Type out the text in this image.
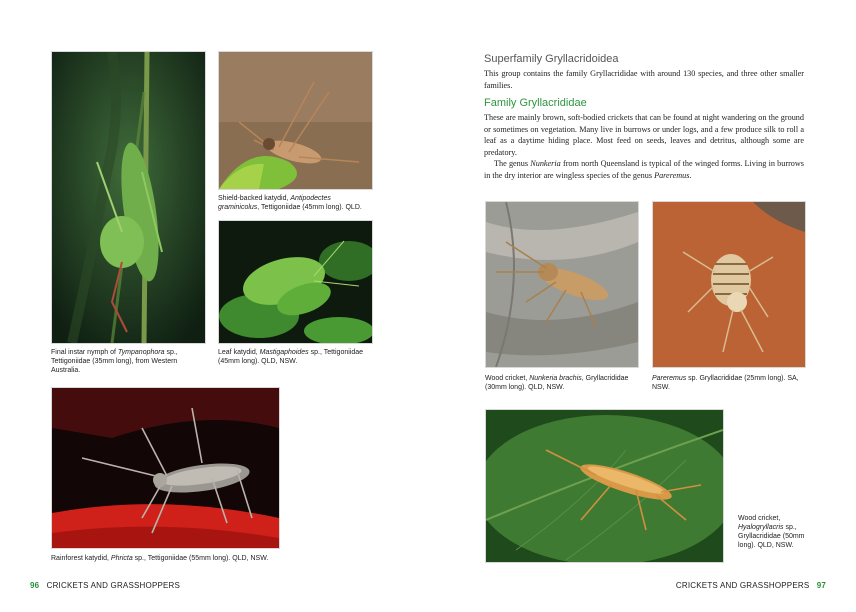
Final instar nymph of Tympanophora sp., Tettigoniidae (35mm long), from Western Australia.
Shield-backed katydid, Antipodectes graminicolus, Tettigoniidae (45mm long). QLD.
Leaf katydid, Mastigaphoides sp., Tettigoniidae (45mm long). QLD, NSW.
Rainforest katydid, Phricta sp., Tettigoniidae (55mm long). QLD, NSW.
96 CRICKETS AND GRASSHOPPERS
Superfamily Gryllacridoidea

This group contains the family Gryllacrididae with around 130 species, and three other smaller families.

Family Gryllacrididae

These are mainly brown, soft-bodied crickets that can be found at night wandering on the ground or sometimes on vegetation. Many live in burrows or under logs, and a few produce silk to roll a leaf as a daytime hiding place. Most feed on seeds, leaves and detritus, although some are predatory.

The genus Nunkeria from north Queensland is typical of the winged forms. Living in burrows in the dry interior are wingless species of the genus Pareremus.

Wood cricket, Nunkeria brachis, Gryllacrididae (30mm long). QLD, NSW.
Pareremus sp. Gryllacrididae (25mm long). SA, NSW.
Wood cricket, Hyalogryllacris sp., Gryllacrididae (50mm long). QLD, NSW.
CRICKETS AND GRASSHOPPERS 97
